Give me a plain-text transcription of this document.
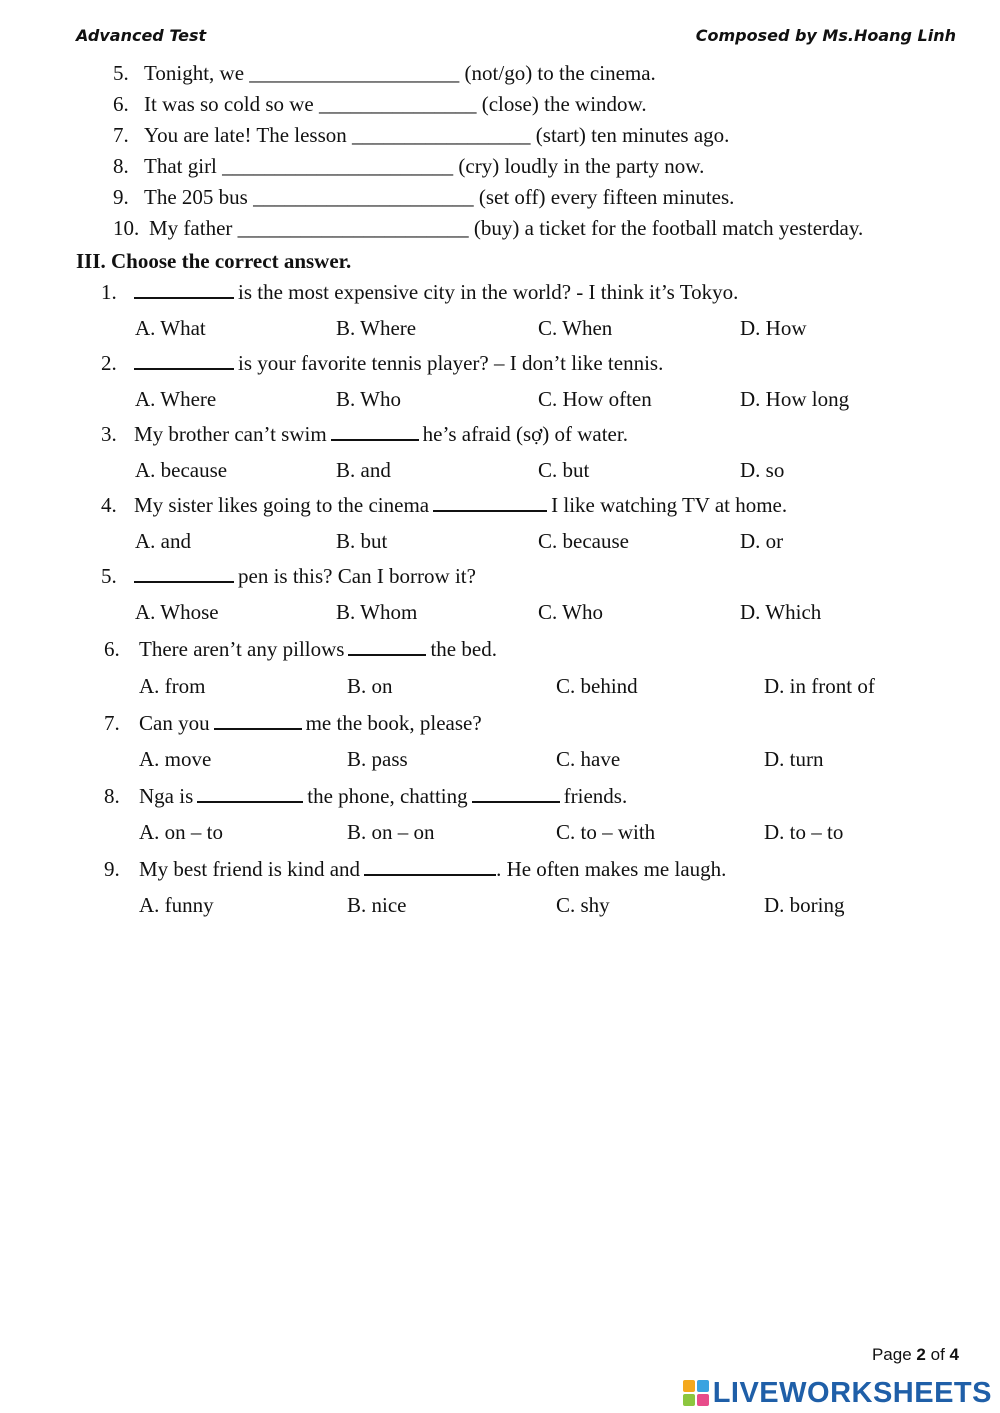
Advanced Test	Composed by Ms.Hoang Linh
5. Tonight, we ____________________ (not/go) to the cinema.
6. It was so cold so we _______________ (close) the window.
7. You are late! The lesson _________________ (start) ten minutes ago.
8. That girl ______________________ (cry) loudly in the party now.
9. The 205 bus _____________________ (set off) every fifteen minutes.
10. My father ______________________ (buy) a ticket for the football match yesterday.
III. Choose the correct answer.
1.	is the most expensive city in the world? - I think it’s Tokyo.
A. What	B. Where	C. When	D. How
2.	is your favorite tennis player? – I don’t like tennis.
A. Where	B. Who	C. How often	D. How long
3. My brother can’t swim	he’s afraid (sợ) of water.
A. because	B. and	C. but	D. so
4. My sister likes going to the cinema	I like watching TV at home.
A. and	B. but	C. because	D. or
5.	pen is this? Can I borrow it?
A. Whose	B. Whom	C. Who	D. Which
6. There aren’t any pillows	the bed.
A. from	B. on	C. behind	D. in front of
7. Can you	me the book, please?
A. move	B. pass	C. have	D. turn
8. Nga is	the phone, chatting	friends.
A. on – to	B. on – on	C. to – with	D. to – to
9. My best friend is kind and	. He often makes me laugh.
A. funny	B. nice	C. shy	D. boring
Page 2 of 4
LIVEWORKSHEETS
